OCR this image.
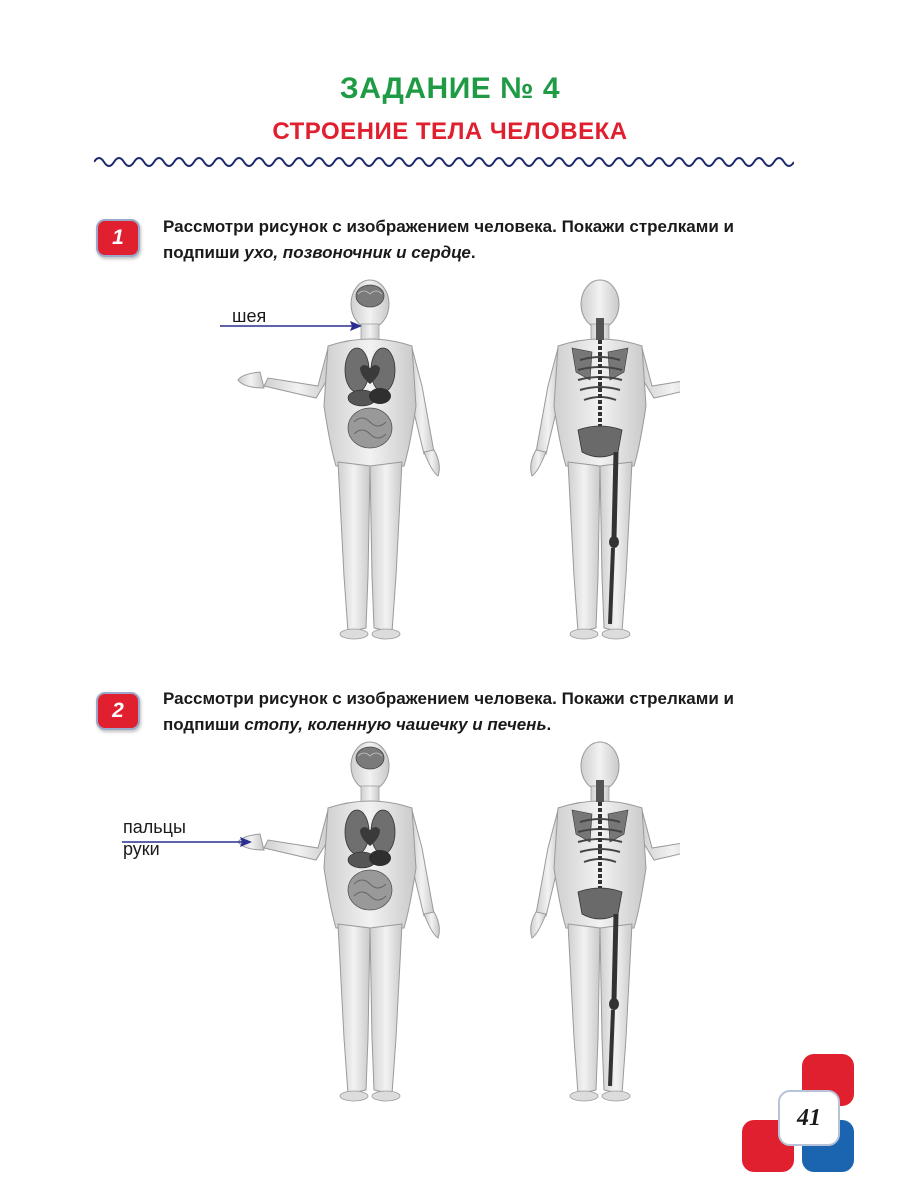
ЗАДАНИЕ № 4
СТРОЕНИЕ ТЕЛА ЧЕЛОВЕКА
1 Рассмотри рисунок с изображением человека. Покажи стрелками и
подпиши ухо, позвоночник и сердце.
шея
2
Рассмотри рисунок с изображением человека. Покажи стрелками и
подпиши стопу, коленную чашечку и печень.
пальцы
руки
41
